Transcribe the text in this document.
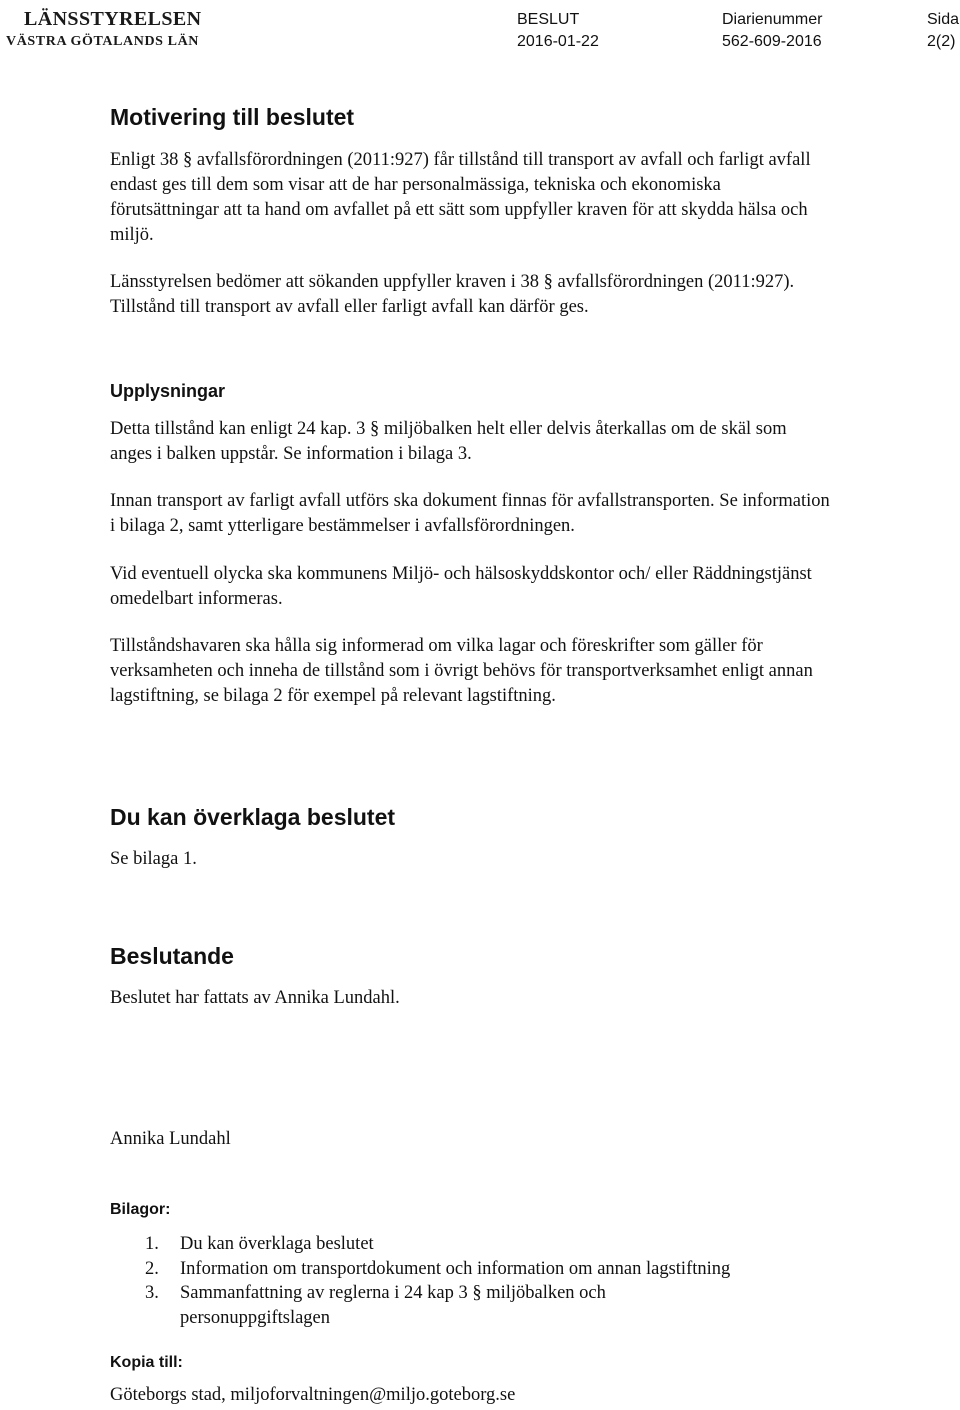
LÄNSSTYRELSEN
VÄSTRA GÖTALANDS LÄN
BESLUT
2016-01-22
Diarienummer
562-609-2016
Sida
2(2)
Motivering till beslutet

Enligt 38 § avfallsförordningen (2011:927) får tillstånd till transport av avfall och farligt avfall endast ges till dem som visar att de har personalmässiga, tekniska och ekonomiska förutsättningar att ta hand om avfallet på ett sätt som uppfyller kraven för att skydda hälsa och miljö.

Länsstyrelsen bedömer att sökanden uppfyller kraven i 38 § avfallsförordningen (2011:927). Tillstånd till transport av avfall eller farligt avfall kan därför ges.

Upplysningar

Detta tillstånd kan enligt 24 kap. 3 § miljöbalken helt eller delvis återkallas om de skäl som anges i balken uppstår. Se information i bilaga 3.

Innan transport av farligt avfall utförs ska dokument finnas för avfallstransporten. Se information i bilaga 2, samt ytterligare bestämmelser i avfallsförordningen.

Vid eventuell olycka ska kommunens Miljö- och hälsoskyddskontor och/ eller Räddningstjänst omedelbart informeras.

Tillståndshavaren ska hålla sig informerad om vilka lagar och föreskrifter som gäller för verksamheten och inneha de tillstånd som i övrigt behövs för transportverksamhet enligt annan lagstiftning, se bilaga 2 för exempel på relevant lagstiftning.

Du kan överklaga beslutet

Se bilaga 1.

Beslutande

Beslutet har fattats av Annika Lundahl.

Annika Lundahl
Bilagor:
1. Du kan överklaga beslutet
2. Information om transportdokument och information om annan lagstiftning
3. Sammanfattning av reglerna i 24 kap 3 § miljöbalken och personuppgiftslagen
Kopia till:
Göteborgs stad, miljoforvaltningen@miljo.goteborg.se
